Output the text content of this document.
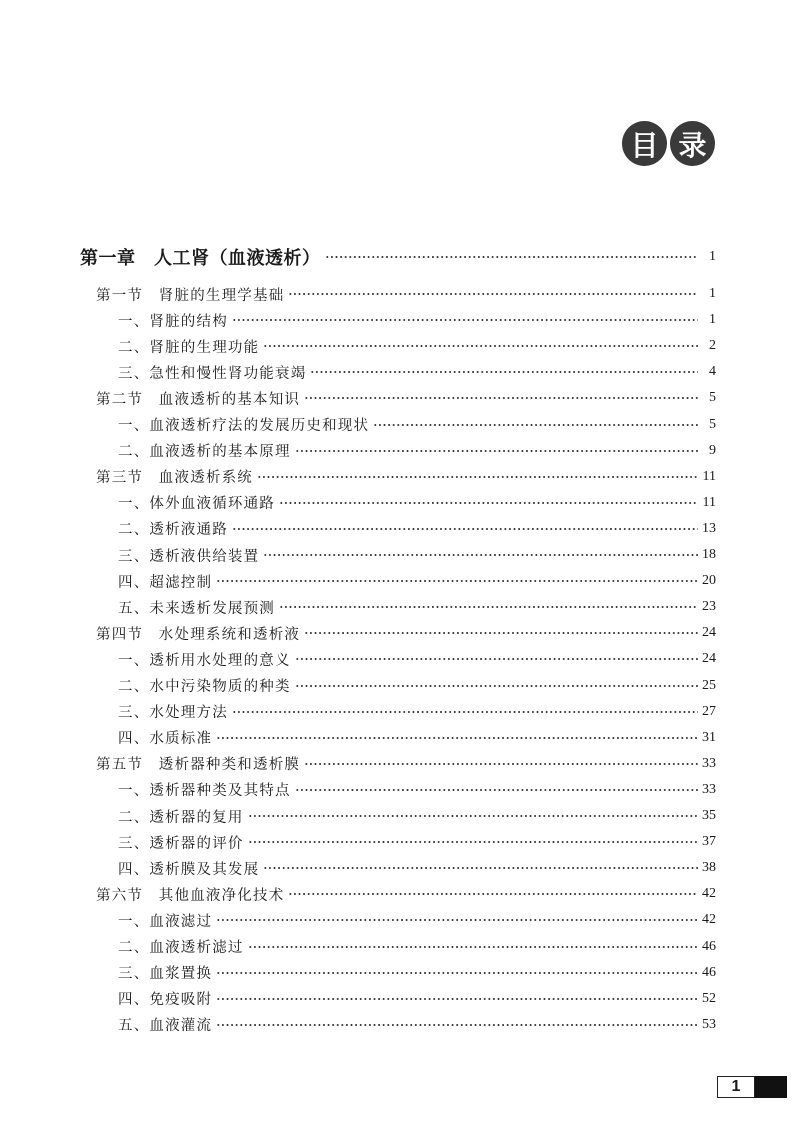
目 录
第一章　人工肾（血液透析）	1
第一节　肾脏的生理学基础	1
一、肾脏的结构	1
二、肾脏的生理功能	2
三、急性和慢性肾功能衰竭	4
第二节　血液透析的基本知识	5
一、血液透析疗法的发展历史和现状	5
二、血液透析的基本原理	9
第三节　血液透析系统	11
一、体外血液循环通路	11
二、透析液通路	13
三、透析液供给装置	18
四、超滤控制	20
五、未来透析发展预测	23
第四节　水处理系统和透析液	24
一、透析用水处理的意义	24
二、水中污染物质的种类	25
三、水处理方法	27
四、水质标准	31
第五节　透析器种类和透析膜	33
一、透析器种类及其特点	33
二、透析器的复用	35
三、透析器的评价	37
四、透析膜及其发展	38
第六节　其他血液净化技术	42
一、血液滤过	42
二、血液透析滤过	46
三、血浆置换	46
四、免疫吸附	52
五、血液灌流	53
1
